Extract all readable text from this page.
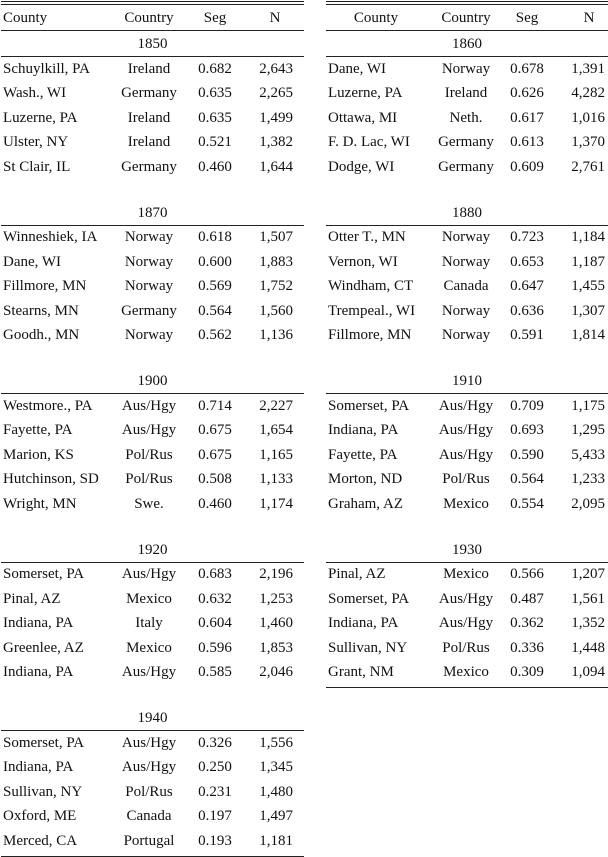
County	Country	Seg	N
1850
Schuylkill, PA	Ireland	0.682	2,643
Wash., WI	Germany	0.635	2,265
Luzerne, PA	Ireland	0.635	1,499
Ulster, NY	Ireland	0.521	1,382
St Clair, IL	Germany	0.460	1,644
1870
Winneshiek, IA	Norway	0.618	1,507
Dane, WI	Norway	0.600	1,883
Fillmore, MN	Norway	0.569	1,752
Stearns, MN	Germany	0.564	1,560
Goodh., MN	Norway	0.562	1,136
1900
Westmore., PA	Aus/Hgy	0.714	2,227
Fayette, PA	Aus/Hgy	0.675	1,654
Marion, KS	Pol/Rus	0.675	1,165
Hutchinson, SD	Pol/Rus	0.508	1,133
Wright, MN	Swe.	0.460	1,174
1920
Somerset, PA	Aus/Hgy	0.683	2,196
Pinal, AZ	Mexico	0.632	1,253
Indiana, PA	Italy	0.604	1,460
Greenlee, AZ	Mexico	0.596	1,853
Indiana, PA	Aus/Hgy	0.585	2,046
1940
Somerset, PA	Aus/Hgy	0.326	1,556
Indiana, PA	Aus/Hgy	0.250	1,345
Sullivan, NY	Pol/Rus	0.231	1,480
Oxford, ME	Canada	0.197	1,497
Merced, CA	Portugal	0.193	1,181
County	Country	Seg	N
1860
Dane, WI	Norway	0.678	1,391
Luzerne, PA	Ireland	0.626	4,282
Ottawa, MI	Neth.	0.617	1,016
F. D. Lac, WI	Germany	0.613	1,370
Dodge, WI	Germany	0.609	2,761
1880
Otter T., MN	Norway	0.723	1,184
Vernon, WI	Norway	0.653	1,187
Windham, CT	Canada	0.647	1,455
Trempeal., WI	Norway	0.636	1,307
Fillmore, MN	Norway	0.591	1,814
1910
Somerset, PA	Aus/Hgy	0.709	1,175
Indiana, PA	Aus/Hgy	0.693	1,295
Fayette, PA	Aus/Hgy	0.590	5,433
Morton, ND	Pol/Rus	0.564	1,233
Graham, AZ	Mexico	0.554	2,095
1930
Pinal, AZ	Mexico	0.566	1,207
Somerset, PA	Aus/Hgy	0.487	1,561
Indiana, PA	Aus/Hgy	0.362	1,352
Sullivan, NY	Pol/Rus	0.336	1,448
Grant, NM	Mexico	0.309	1,094
